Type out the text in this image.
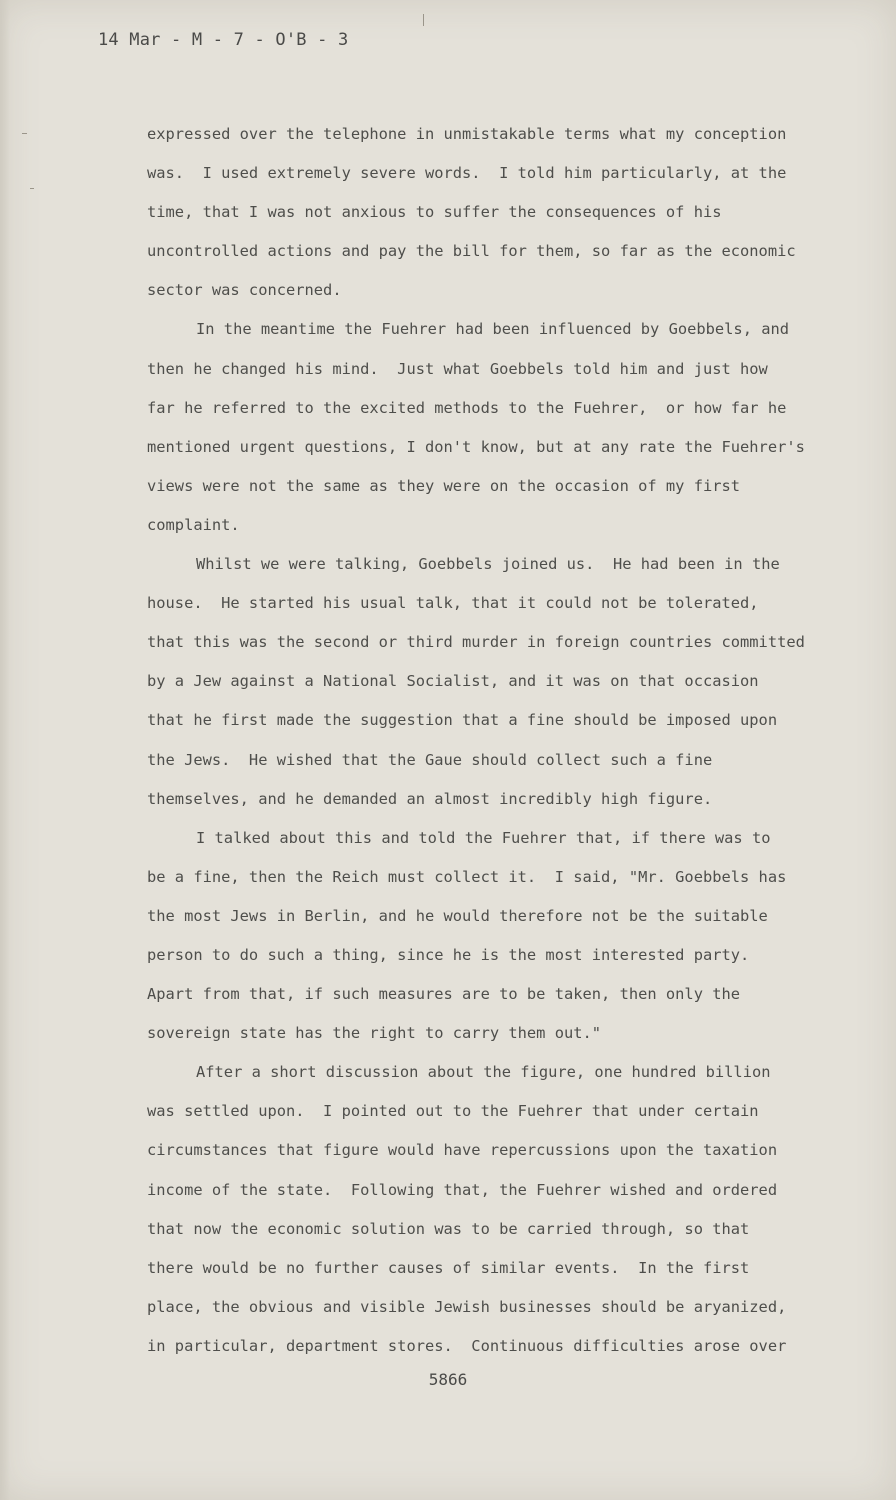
14 Mar - M - 7 - O'B - 3
expressed over the telephone in unmistakable terms what my conception
was.  I used extremely severe words.  I told him particularly, at the
time, that I was not anxious to suffer the consequences of his
uncontrolled actions and pay the bill for them, so far as the economic
sector was concerned.
In the meantime the Fuehrer had been influenced by Goebbels, and
then he changed his mind.  Just what Goebbels told him and just how
far he referred to the excited methods to the Fuehrer,  or how far he
mentioned urgent questions, I don't know, but at any rate the Fuehrer's
views were not the same as they were on the occasion of my first
complaint.
Whilst we were talking, Goebbels joined us.  He had been in the
house.  He started his usual talk, that it could not be tolerated,
that this was the second or third murder in foreign countries committed
by a Jew against a National Socialist, and it was on that occasion
that he first made the suggestion that a fine should be imposed upon
the Jews.  He wished that the Gaue should collect such a fine
themselves, and he demanded an almost incredibly high figure.
I talked about this and told the Fuehrer that, if there was to
be a fine, then the Reich must collect it.  I said, "Mr. Goebbels has
the most Jews in Berlin, and he would therefore not be the suitable
person to do such a thing, since he is the most interested party.
Apart from that, if such measures are to be taken, then only the
sovereign state has the right to carry them out."
After a short discussion about the figure, one hundred billion
was settled upon.  I pointed out to the Fuehrer that under certain
circumstances that figure would have repercussions upon the taxation
income of the state.  Following that, the Fuehrer wished and ordered
that now the economic solution was to be carried through, so that
there would be no further causes of similar events.  In the first
place, the obvious and visible Jewish businesses should be aryanized,
in particular, department stores.  Continuous difficulties arose over
5866
